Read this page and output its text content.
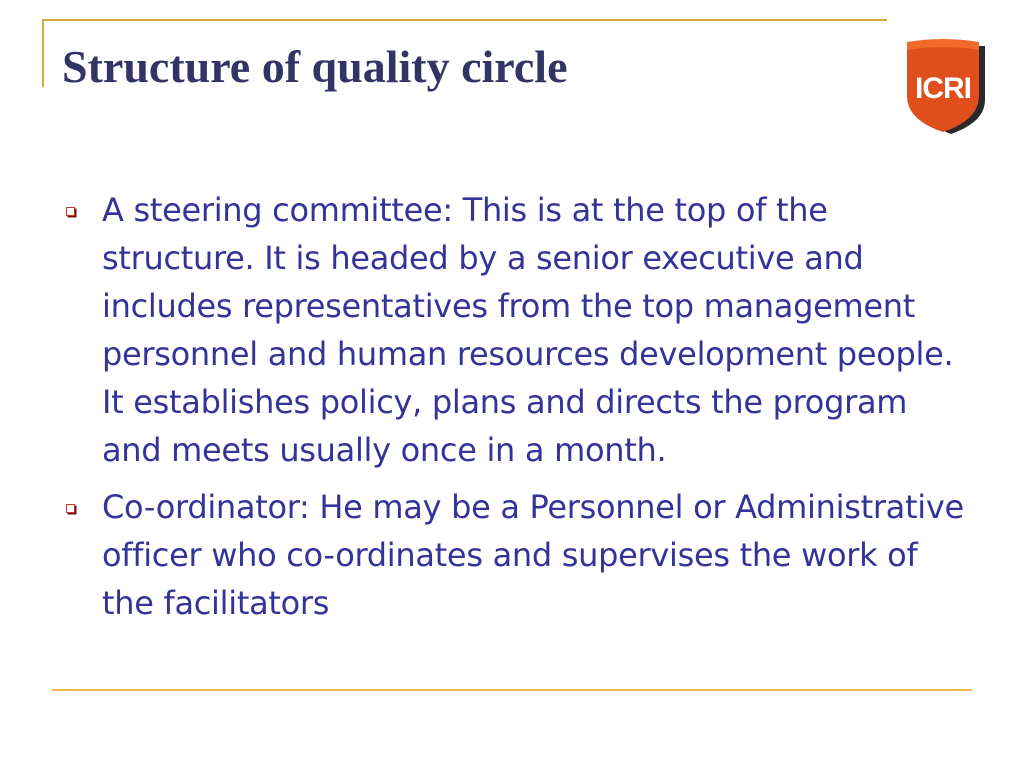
Structure of quality circle	ICRI
A steering committee: This is at the top of the structure. It is headed by a senior executive and includes representatives from the top management personnel and human resources development people. It establishes policy, plans and directs the program and meets usually once in a month.
Co-ordinator: He may be a Personnel or Administrative officer who co-ordinates and supervises the work of the facilitators
